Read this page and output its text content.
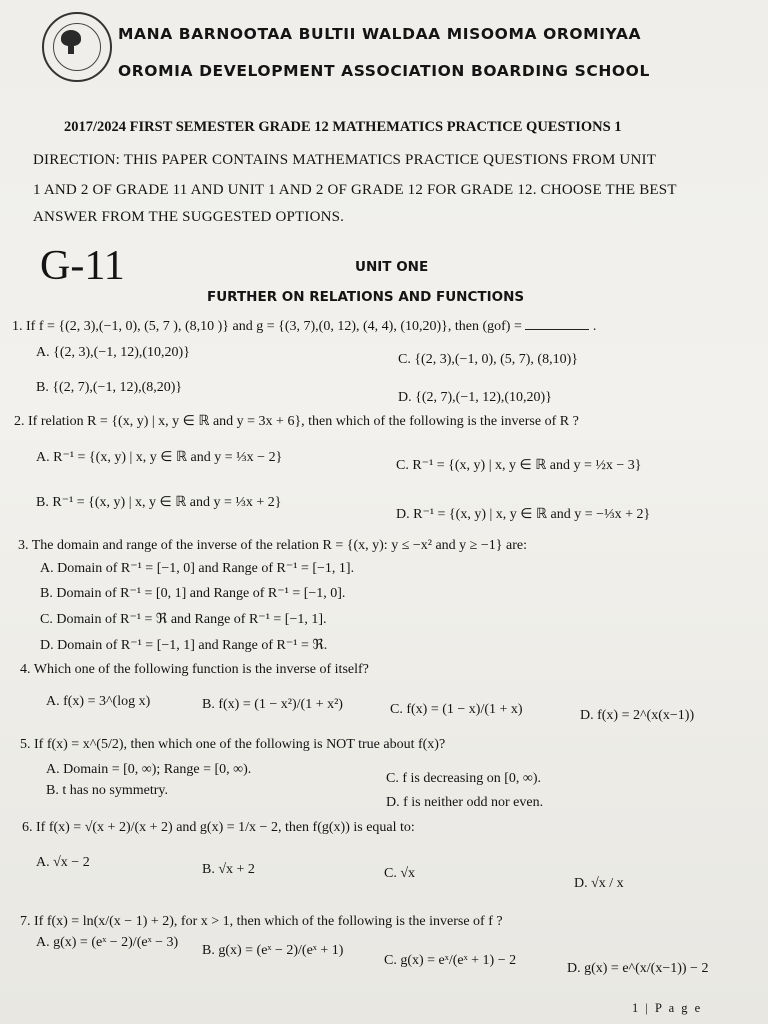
MANA BARNOOTAA BULTII WALDAA MISOOMA OROMIYAA
OROMIA DEVELOPMENT ASSOCIATION BOARDING SCHOOL
2017/2024 FIRST SEMESTER GRADE 12 MATHEMATICS PRACTICE QUESTIONS 1
DIRECTION: THIS PAPER CONTAINS MATHEMATICS PRACTICE QUESTIONS FROM UNIT
1 AND 2 OF GRADE 11 AND UNIT 1 AND 2 OF GRADE 12 FOR GRADE 12. CHOOSE THE BEST
ANSWER FROM THE SUGGESTED OPTIONS.
G-11	UNIT ONE
FURTHER ON RELATIONS AND FUNCTIONS
1. If f = {(2, 3),(−1, 0), (5, 7 ), (8,10 )} and g = {(3, 7),(0, 12), (4, 4), (10,20)}, then (gof) =	.
A. {(2, 3),(−1, 12),(10,20)}	C. {(2, 3),(−1, 0), (5, 7), (8,10)}
B. {(2, 7),(−1, 12),(8,20)}
D. {(2, 7),(−1, 12),(10,20)}
2. If relation R = {(x, y) | x, y ∈ ℝ and y = 3x + 6}, then which of the following is the inverse of R ?
A. R⁻¹ = {(x, y) | x, y ∈ ℝ and y = ⅓x − 2}
C. R⁻¹ = {(x, y) | x, y ∈ ℝ and y = ½x − 3}
B. R⁻¹ = {(x, y) | x, y ∈ ℝ and y = ⅓x + 2}
D. R⁻¹ = {(x, y) | x, y ∈ ℝ and y = −⅓x + 2}
3. The domain and range of the inverse of the relation R = {(x, y): y ≤ −x² and y ≥ −1} are:
A. Domain of R⁻¹ = [−1, 0] and Range of R⁻¹ = [−1, 1].
B. Domain of R⁻¹ = [0, 1] and Range of R⁻¹ = [−1, 0].
C. Domain of R⁻¹ = ℜ and Range of R⁻¹ = [−1, 1].
D. Domain of R⁻¹ = [−1, 1] and Range of R⁻¹ = ℜ.
4. Which one of the following function is the inverse of itself?
A. f(x) = 3^(log x)	B. f(x) = (1 − x²)/(1 + x²)	C. f(x) = (1 − x)/(1 + x)	D. f(x) = 2^(x(x−1))
5. If f(x) = x^(5/2), then which one of the following is NOT true about f(x)?
A. Domain = [0, ∞); Range = [0, ∞).
C. f is decreasing on [0, ∞).
B. t has no symmetry.
D. f is neither odd nor even.
6. If f(x) = √(x + 2)/(x + 2) and g(x) = 1/x − 2, then f(g(x)) is equal to:
A. √x − 2	B. √x + 2	C. √x
D. √x / x
7. If f(x) = ln(x/(x − 1) + 2), for x > 1, then which of the following is the inverse of f ?
A. g(x) = (eˣ − 2)/(eˣ − 3)
B. g(x) = (eˣ − 2)/(eˣ + 1)
C. g(x) = eˣ/(eˣ + 1) − 2
D. g(x) = e^(x/(x−1)) − 2
1 | P a g e
